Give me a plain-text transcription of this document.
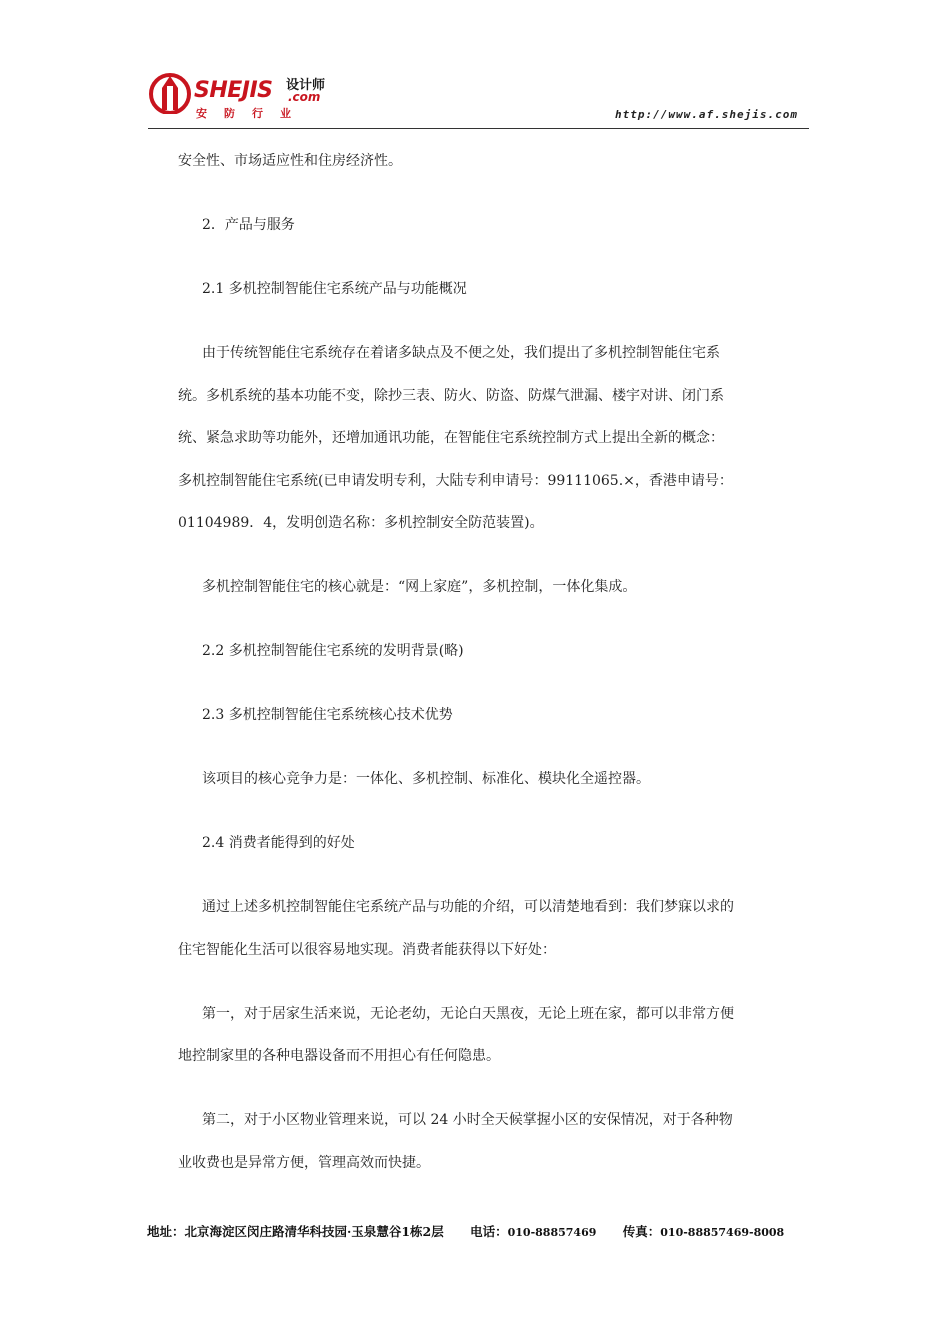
SHEJIS 设计师
.com
安防行业	http://www.af.shejis.com

安全性、市场适应性和住房经济性。

2．产品与服务

2.1 多机控制智能住宅系统产品与功能概况

由于传统智能住宅系统存在着诸多缺点及不便之处，我们提出了多机控制智能住宅系

统。多机系统的基本功能不变，除抄三表、防火、防盗、防煤气泄漏、楼宇对讲、闭门系

统、紧急求助等功能外，还增加通讯功能，在智能住宅系统控制方式上提出全新的概念：

多机控制智能住宅系统(已申请发明专利，大陆专利申请号：99111065.×，香港申请号：

01104989．4，发明创造名称：多机控制安全防范装置)。

多机控制智能住宅的核心就是：“网上家庭”，多机控制，一体化集成。

2.2 多机控制智能住宅系统的发明背景(略)

2.3 多机控制智能住宅系统核心技术优势

该项目的核心竞争力是：一体化、多机控制、标准化、模块化全遥控器。

2.4 消费者能得到的好处

通过上述多机控制智能住宅系统产品与功能的介绍，可以清楚地看到：我们梦寐以求的

住宅智能化生活可以很容易地实现。消费者能获得以下好处：

第一，对于居家生活来说，无论老幼，无论白天黑夜，无论上班在家，都可以非常方便

地控制家里的各种电器设备而不用担心有任何隐患。

第二，对于小区物业管理来说，可以 24 小时全天候掌握小区的安保情况，对于各种物

业收费也是异常方便，管理高效而快捷。

地址：北京海淀区闵庄路清华科技园·玉泉慧谷1栋2层 电话：010-88857469 传真：010-88857469-8008
